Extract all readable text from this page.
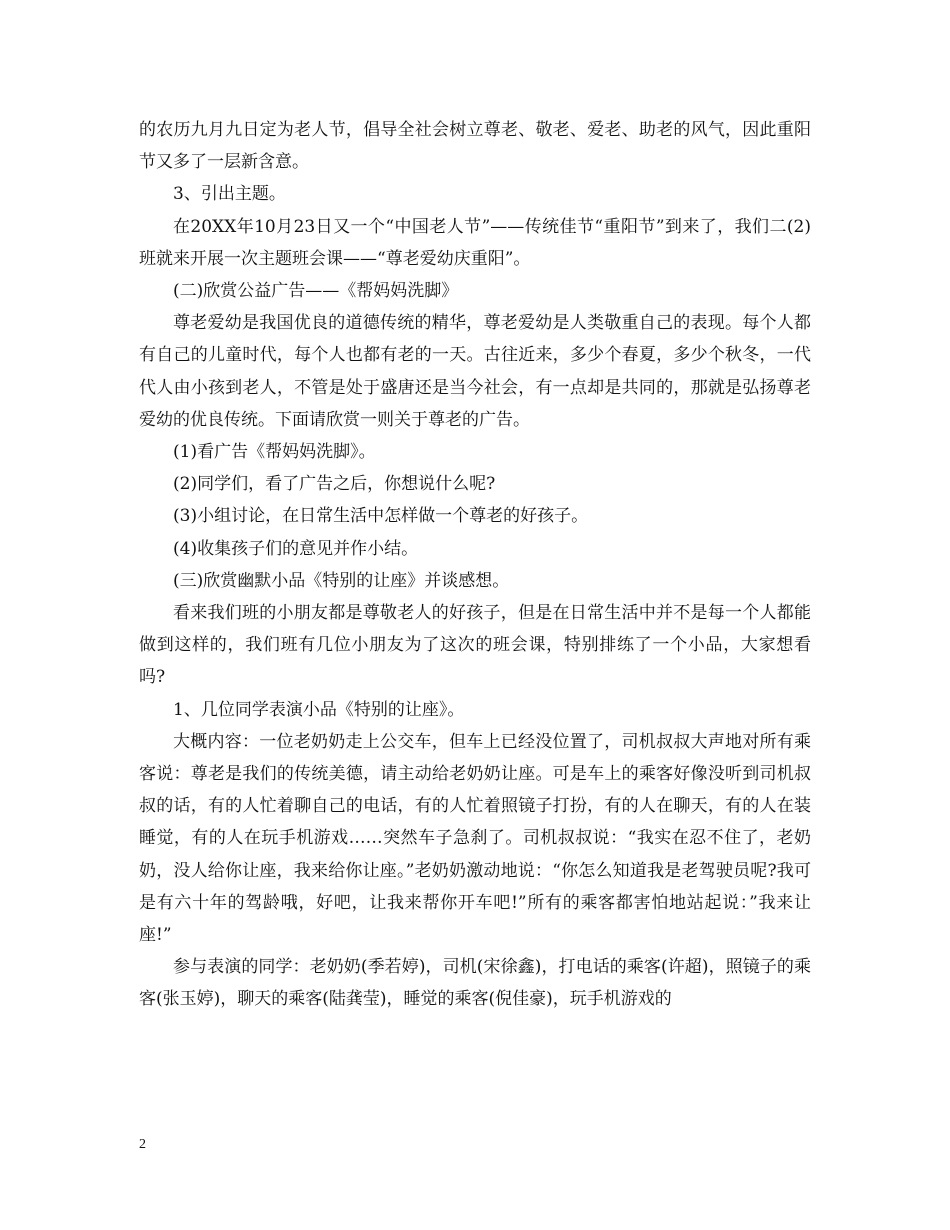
的农历九月九日定为老人节，倡导全社会树立尊老、敬老、爱老、助老的风气，因此重阳节又多了一层新含意。

3、引出主题。

在20XX年10月23日又一个“中国老人节”——传统佳节“重阳节”到来了，我们二(2)班就来开展一次主题班会课——“尊老爱幼庆重阳”。

(二)欣赏公益广告——《帮妈妈洗脚》

尊老爱幼是我国优良的道德传统的精华，尊老爱幼是人类敬重自己的表现。每个人都有自己的儿童时代，每个人也都有老的一天。古往近来，多少个春夏，多少个秋冬，一代代人由小孩到老人，不管是处于盛唐还是当今社会，有一点却是共同的，那就是弘扬尊老爱幼的优良传统。下面请欣赏一则关于尊老的广告。

(1)看广告《帮妈妈洗脚》。

(2)同学们，看了广告之后，你想说什么呢?

(3)小组讨论，在日常生活中怎样做一个尊老的好孩子。

(4)收集孩子们的意见并作小结。

(三)欣赏幽默小品《特别的让座》并谈感想。

看来我们班的小朋友都是尊敬老人的好孩子，但是在日常生活中并不是每一个人都能做到这样的，我们班有几位小朋友为了这次的班会课，特别排练了一个小品，大家想看吗?

1、几位同学表演小品《特别的让座》。

大概内容：一位老奶奶走上公交车，但车上已经没位置了，司机叔叔大声地对所有乘客说：尊老是我们的传统美德，请主动给老奶奶让座。可是车上的乘客好像没听到司机叔叔的话，有的人忙着聊自己的电话，有的人忙着照镜子打扮，有的人在聊天，有的人在装睡觉，有的人在玩手机游戏……突然车子急刹了。司机叔叔说：“我实在忍不住了，老奶奶，没人给你让座，我来给你让座。”老奶奶激动地说：“你怎么知道我是老驾驶员呢?我可是有六十年的驾龄哦，好吧，让我来帮你开车吧!”所有的乘客都害怕地站起说：”我来让座!”

参与表演的同学：老奶奶(季若婷)，司机(宋徐鑫)，打电话的乘客(许超)，照镜子的乘客(张玉婷)，聊天的乘客(陆龚莹)，睡觉的乘客(倪佳豪)，玩手机游戏的

2
